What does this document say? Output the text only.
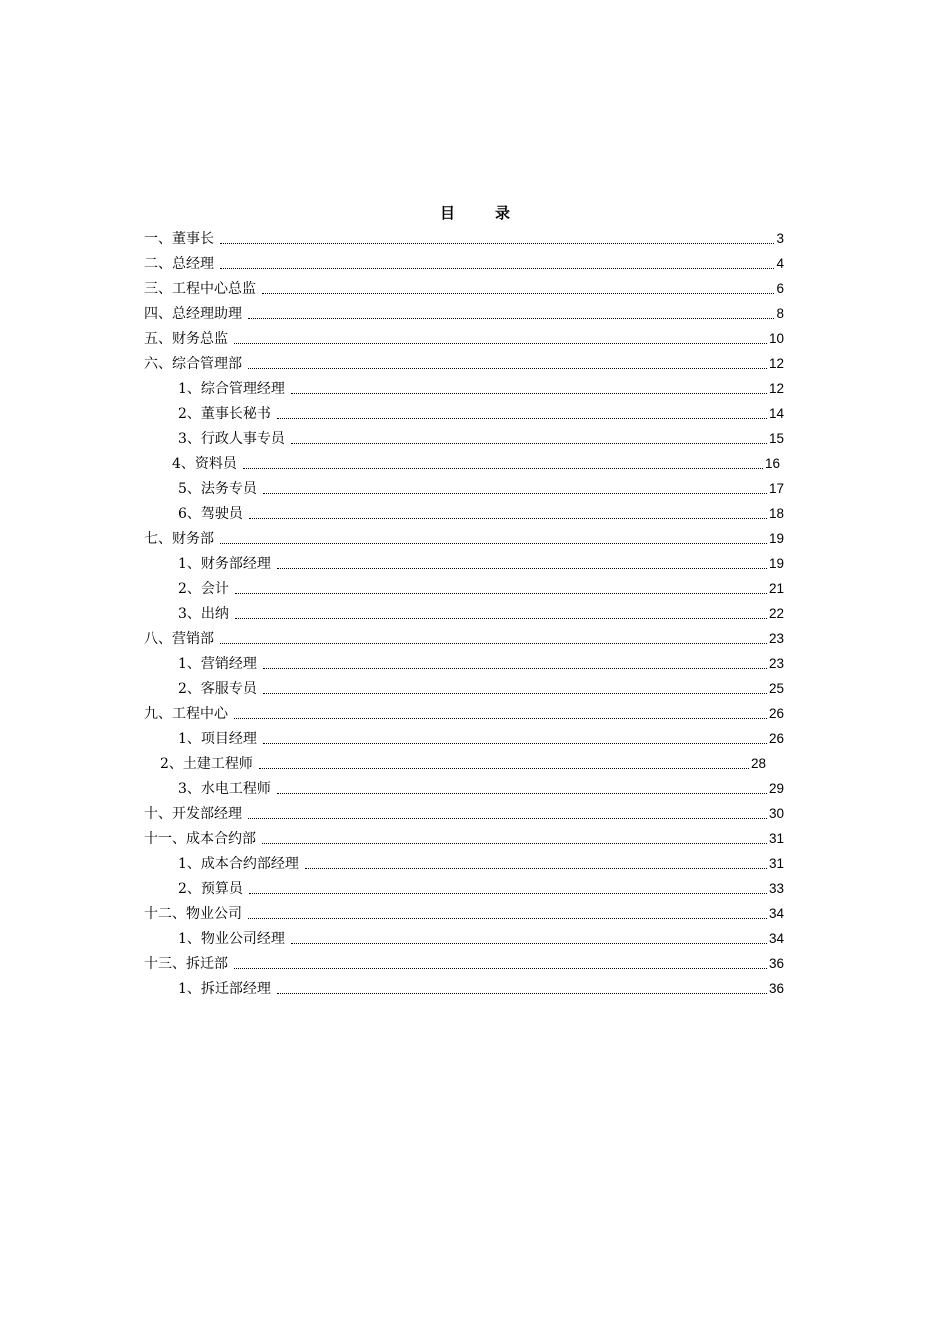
目	录
一、董事长	3
二、总经理	4
三、工程中心总监	6
四、总经理助理	8
五、财务总监	10
六、综合管理部	12
1、综合管理经理	12
2、董事长秘书	14
3、行政人事专员	15
4、资料员	16
5、法务专员	17
6、驾驶员	18
七、财务部	19
1、财务部经理	19
2、会计	21
3、出纳	22
八、营销部	23
1、营销经理	23
2、客服专员	25
九、工程中心	26
1、项目经理	26
2、土建工程师	28
3、水电工程师	29
十、开发部经理	30
十一、成本合约部	31
1、成本合约部经理	31
2、预算员	33
十二、物业公司	34
1、物业公司经理	34
十三、拆迁部	36
1、拆迁部经理	36
